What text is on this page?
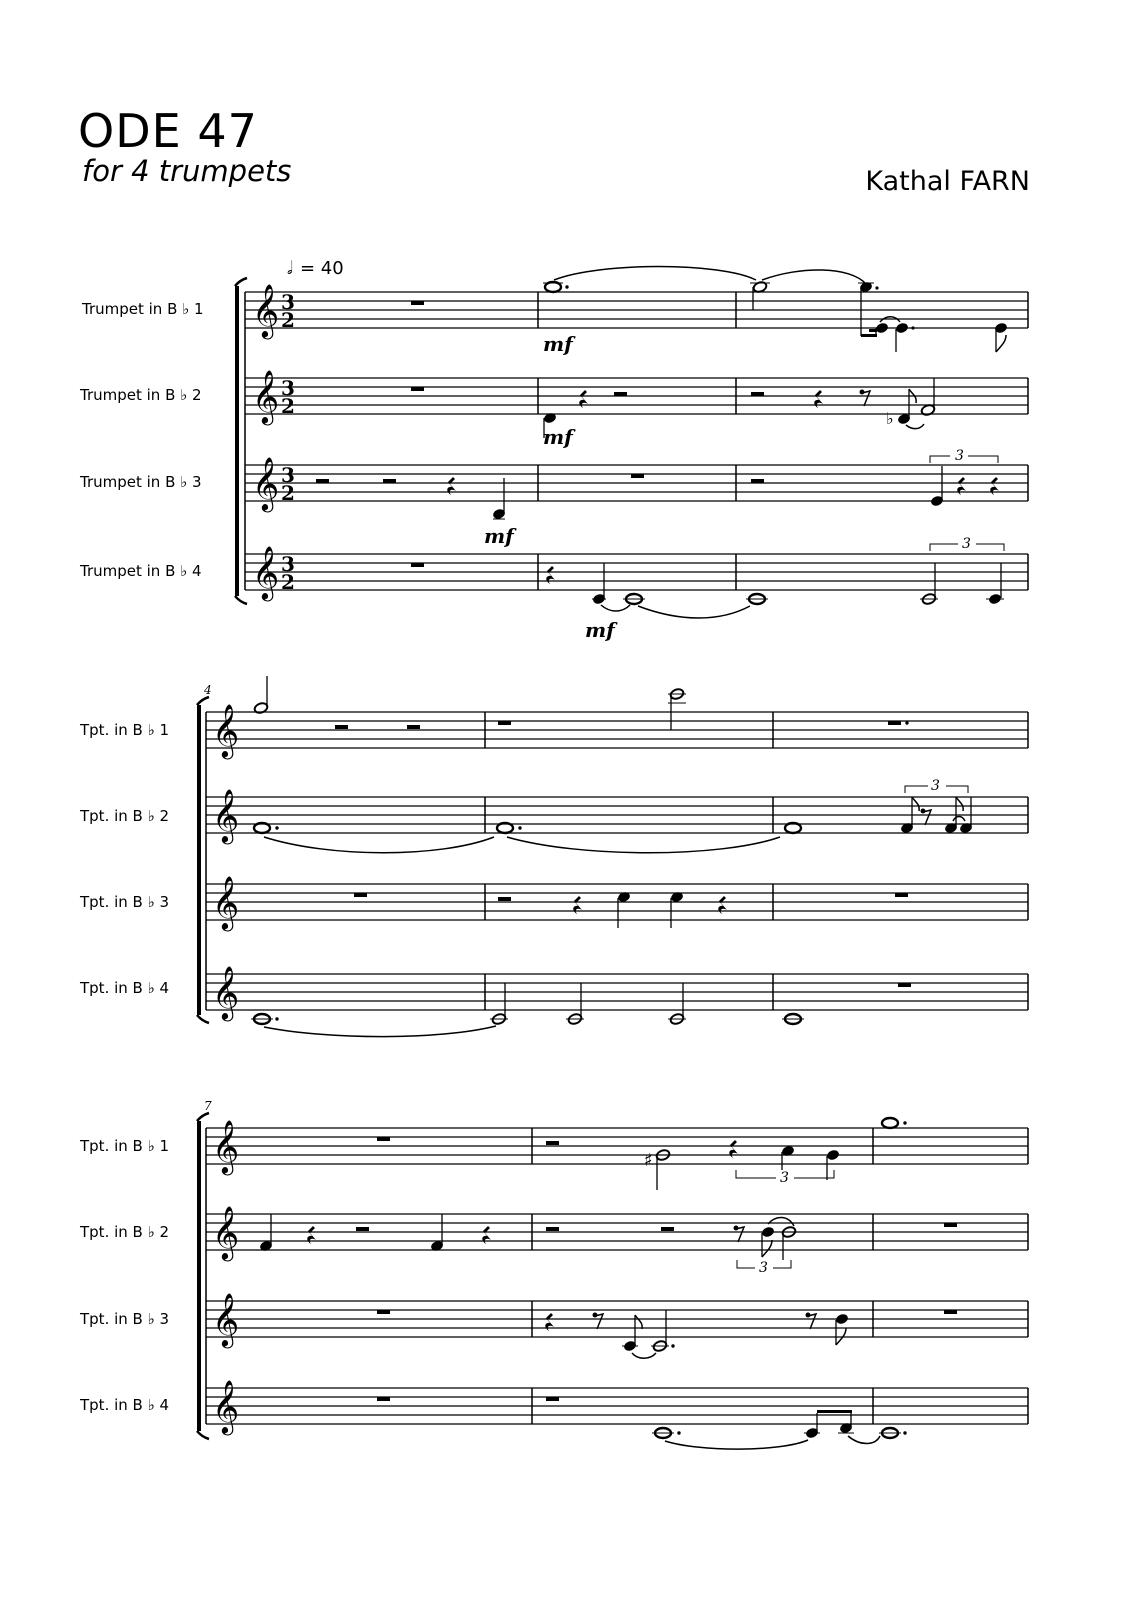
ODE 47
for 4 trumpets	Kathal FARN
𝅗𝅥 = 40
Trumpet in B ♭ 1
Trumpet in B ♭ 2
Trumpet in B ♭ 3
Trumpet in B ♭ 4
𝄞
𝄞
𝄞
𝄞
3
2
3
2
3
2
3
2
mf
mf
mf
mf
♭
3
3
4
Tpt. in B ♭ 1
Tpt. in B ♭ 2
Tpt. in B ♭ 3
Tpt. in B ♭ 4
𝄞
𝄞
𝄞
𝄞
3
7
Tpt. in B ♭ 1
Tpt. in B ♭ 2
Tpt. in B ♭ 3
Tpt. in B ♭ 4
𝄞
𝄞
𝄞
𝄞
♯
3
3
